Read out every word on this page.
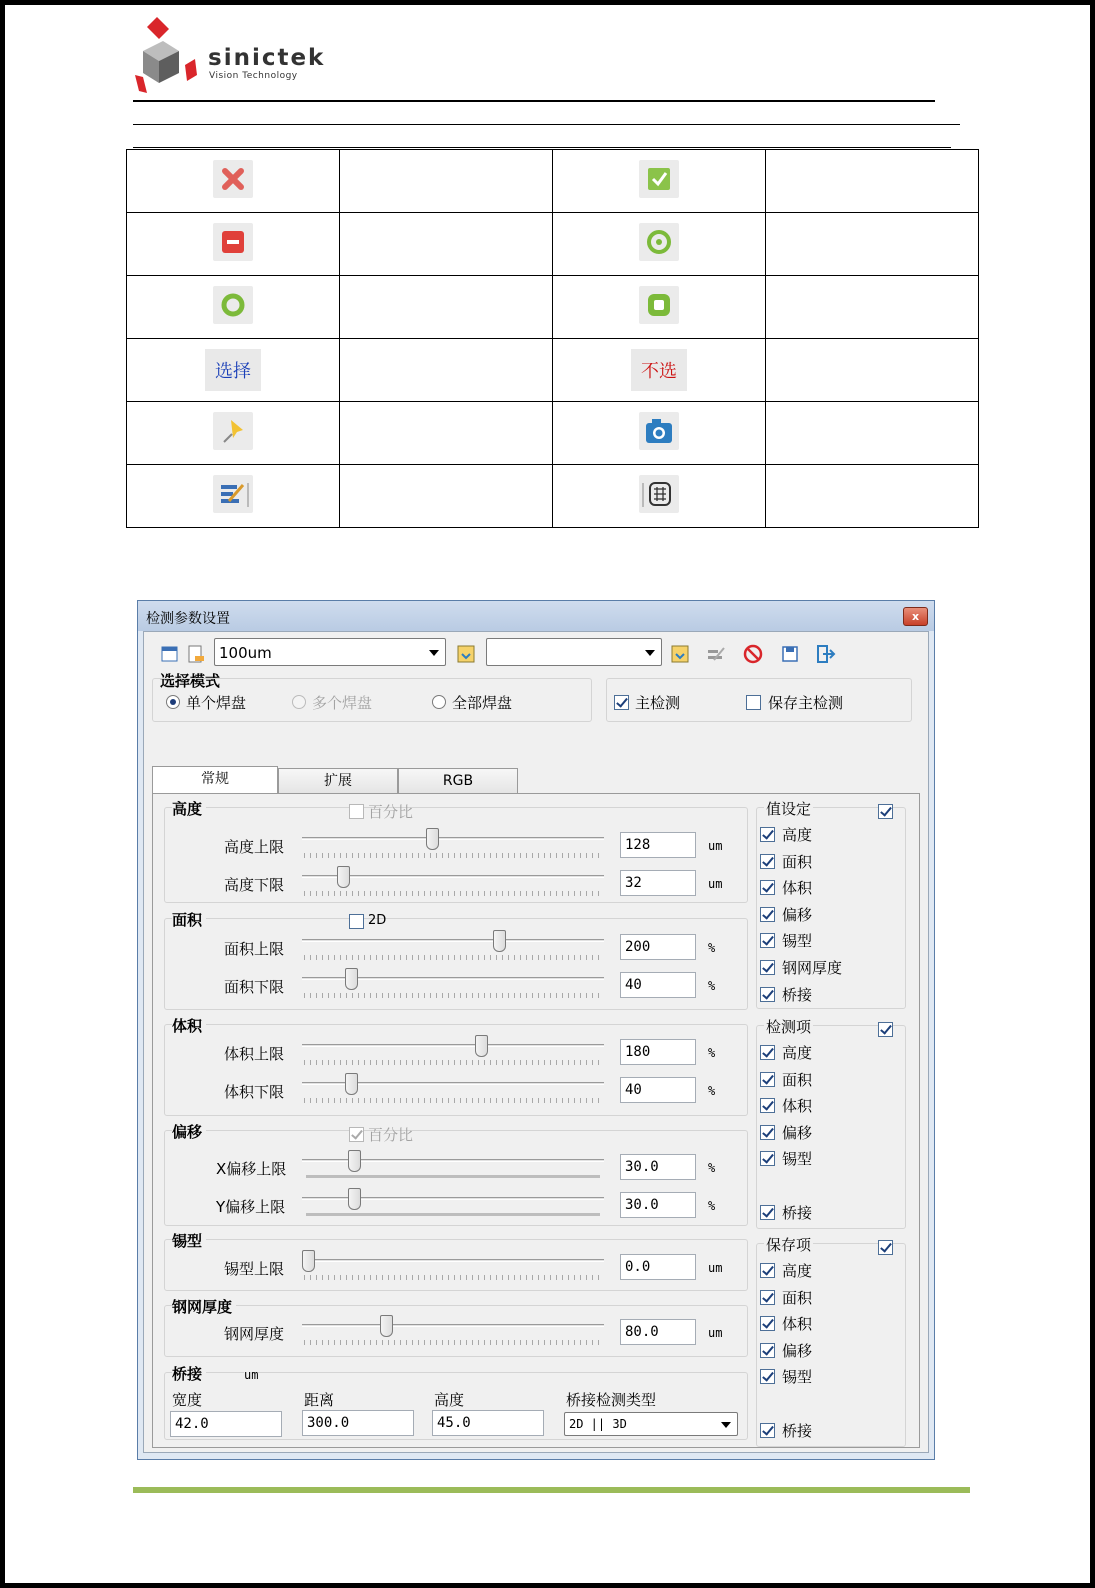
sinictek
Vision Technology

选择		不选	

检测参数设置	x
100um
选择模式
单个焊盘	多个焊盘	全部焊盘	主检测	保存主检测
常规	扩展	RGB
高度	百分比
高度上限	128	um
高度下限	32	um
面积	2D
面积上限	200	%
面积下限	40	%
体积
体积上限	180	%
体积下限	40	%
偏移	百分比
X偏移上限	30.0	%
Y偏移上限	30.0	%
锡型
锡型上限	0.0	um
钢网厚度
钢网厚度	80.0	um
桥接	um
宽度
42.0
距离
300.0
高度
45.0
桥接检测类型
2D || 3D
值设定
高度
面积
体积
偏移
锡型
钢网厚度
桥接
检测项
高度
面积
体积
偏移
锡型
桥接
保存项
高度
面积
体积
偏移
锡型
桥接
